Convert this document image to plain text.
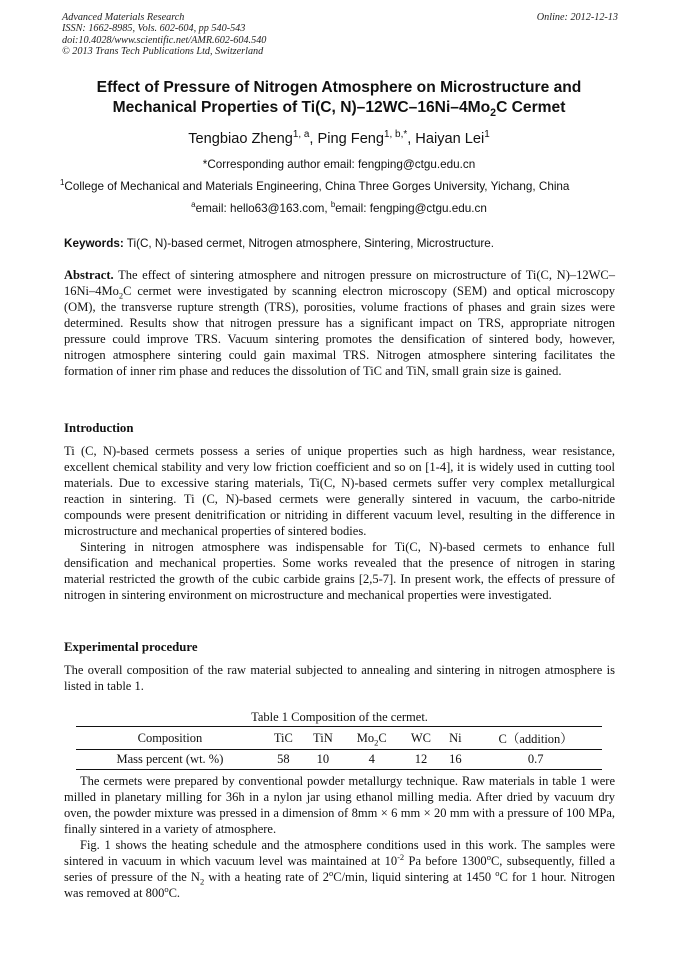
Advanced Materials Research
ISSN: 1662-8985, Vols. 602-604, pp 540-543
doi:10.4028/www.scientific.net/AMR.602-604.540
© 2013 Trans Tech Publications Ltd, Switzerland
Online: 2012-12-13
Effect of Pressure of Nitrogen Atmosphere on Microstructure and
Mechanical Properties of Ti(C, $N)-12WC-16Ni-4Mo_2C$ Cermet
Tengbiao Zheng$^{1, a}$, Ping Feng$^{1, b,*}$, Haiyan Lei$^1$
*Corresponding author email: fengping@ctgu.edu.cn
$^1$College of Mechanical and Materials Engineering, China Three Gorges University, Yichang, China
$^a$email: hello63@163.com, $^b$email: fengping@ctgu.edu.cn
Keywords: Ti(C, N)-based cermet, Nitrogen atmosphere, Sintering, Microstructure.
Abstract. The effect of sintering atmosphere and nitrogen pressure on microstructure of Ti(C, $N)-12WC-16Ni-4Mo_2C$ cermet were investigated by scanning electron microscopy (SEM) and optical microscopy (OM), the transverse rupture strength (TRS), porosities, volume fractions of phases and grain sizes were determined. Results show that nitrogen pressure has a significant impact on TRS, appropriate nitrogen pressure could improve TRS. Vacuum sintering promotes the densification of sintered body, however, nitrogen atmosphere sintering could gain maximal TRS. Nitrogen atmosphere sintering facilitates the formation of inner rim phase and reduces the dissolution of TiC and TiN, small grain size is gained.
Introduction
Ti (C, N)-based cermets possess a series of unique properties such as high hardness, wear resistance, excellent chemical stability and very low friction coefficient and so on [1-4], it is widely used in cutting tool materials. Due to excessive staring materials, Ti(C, N)-based cermets suffer very complex metallurgical reaction in sintering. Ti (C, N)-based cermets were generally sintered in vacuum, the carbo-nitride compounds were present denitrification or nitriding in different vacuum level, resulting in the difference in microstructure and mechanical properties of sintered bodies.
Sintering in nitrogen atmosphere was indispensable for Ti(C, N)-based cermets to enhance full densification and mechanical properties. Some works revealed that the presence of nitrogen in staring material restricted the growth of the cubic carbide grains [2,5-7]. In present work, the effects of pressure of nitrogen in sintering environment on microstructure and mechanical properties were investigated.
Experimental procedure
The overall composition of the raw material subjected to annealing and sintering in nitrogen atmosphere is listed in table 1.
Table 1 Composition of the cermet.
Composition	TiC	TiN	$Mo_2C$	WC	Ni	C（addition）
Mass percent (wt. %)	58	10	4	12	16	0.7
The cermets were prepared by conventional powder metallurgy technique. Raw materials in table 1 were milled in planetary milling for 36h in a nylon jar using ethanol milling media. After dried by vacuum dry oven, the powder mixture was pressed in a dimension of 8mm × 6 mm × 20 mm with a pressure of 100 MPa, finally sintered in a variety of atmosphere.
Fig. 1 shows the heating schedule and the atmosphere conditions used in this work. The samples were sintered in vacuum in which vacuum level was maintained at $10^{-2}$ Pa before 1300$^o$C, subsequently, filled a series of pressure of the $N_2$ with a heating rate of 2$^o$C/min, liquid sintering at 1450 $^o$C for 1 hour. Nitrogen was removed at 800$^o$C.
